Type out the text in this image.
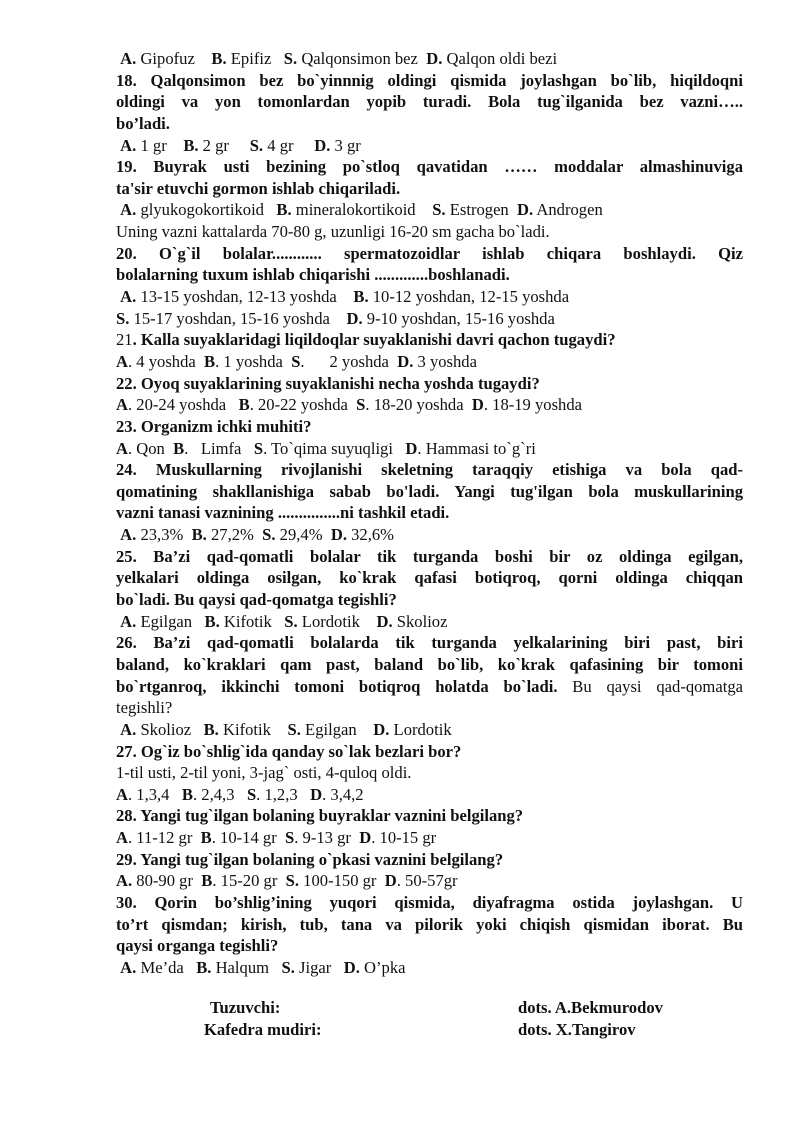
A. Gipofuz    B. Epifiz   S. Qalqonsimon bez  D. Qalqon oldi bezi
18. Qalqonsimon bez bo`yinnnig oldingi qismida joylashgan bo`lib, hiqildoqni
oldingi va yon tomonlardan yopib turadi. Bola tug`ilganida bez vazni…..
bo’ladi.
A. 1 gr    B. 2 gr     S. 4 gr     D. 3 gr
19. Buyrak usti bezining po`stloq qavatidan …… moddalar almashinuviga
ta'sir etuvchi gormon ishlab chiqariladi.
A. glyukogokortikoid   B. mineralokortikoid    S. Estrogen  D. Androgen
Uning vazni kattalarda 70-80 g, uzunligi 16-20 sm gacha bo`ladi.
20. O`g`il bolalar............ spermatozoidlar ishlab chiqara boshlaydi. Qiz
bolalarning tuxum ishlab chiqarishi .............boshlanadi.
A. 13-15 yoshdan, 12-13 yoshda    B. 10-12 yoshdan, 12-15 yoshda
S. 15-17 yoshdan, 15-16 yoshda    D. 9-10 yoshdan, 15-16 yoshda
21. Kalla suyaklaridagi liqildoqlar suyaklanishi davri qachon tugaydi?
A. 4 yoshda  B. 1 yoshda  S.      2 yoshda  D. 3 yoshda
22. Oyoq suyaklarining suyaklanishi necha yoshda tugaydi?
A. 20-24 yoshda   B. 20-22 yoshda  S. 18-20 yoshda  D. 18-19 yoshda
23. Organizm ichki muhiti?
A. Qon  B.   Limfa   S. To`qima suyuqligi   D. Hammasi to`g`ri
24. Muskullarning rivojlanishi skeletning taraqqiy etishiga va bola qad-
qomatining shakllanishiga sabab bo'ladi. Yangi tug'ilgan bola muskullarining
vazni tanasi vaznining ...............ni tashkil etadi.
A. 23,3%  B. 27,2%  S. 29,4%  D. 32,6%
25. Ba’zi qad-qomatli bolalar tik turganda boshi bir oz oldinga egilgan,
yelkalari oldinga osilgan, ko`krak qafasi botiqroq, qorni oldinga chiqqan
bo`ladi. Bu qaysi qad-qomatga tegishli?
A. Egilgan   B. Kifotik   S. Lordotik    D. Skolioz
26. Ba’zi qad-qomatli bolalarda tik turganda yelkalarining biri past, biri
baland, ko`kraklari qam past, baland bo`lib, ko`krak qafasining bir tomoni
bo`rtganroq, ikkinchi tomoni botiqroq holatda bo`ladi. Bu qaysi qad-qomatga
tegishli?
A. Skolioz   B. Kifotik    S. Egilgan    D. Lordotik
27. Og`iz bo`shlig`ida qanday so`lak bezlari bor?
1-til usti, 2-til yoni, 3-jag` osti, 4-quloq oldi.
A. 1,3,4   B. 2,4,3   S. 1,2,3   D. 3,4,2
28. Yangi tug`ilgan bolaning buyraklar vaznini belgilang?
A. 11-12 gr  B. 10-14 gr  S. 9-13 gr  D. 10-15 gr
29. Yangi tug`ilgan bolaning o`pkasi vaznini belgilang?
A. 80-90 gr  B. 15-20 gr  S. 100-150 gr  D. 50-57gr
30. Qorin bo’shlig’ining yuqori qismida, diyafragma ostida joylashgan. U
to’rt qismdan; kirish, tub, tana va pilorik yoki chiqish qismidan iborat. Bu
qaysi organga tegishli?
A. Me’da   B. Halqum   S. Jigar   D. O’pka
Tuzuvchi:	dots. A.Bekmurodov
Kafedra mudiri:	dots. X.Tangirov
